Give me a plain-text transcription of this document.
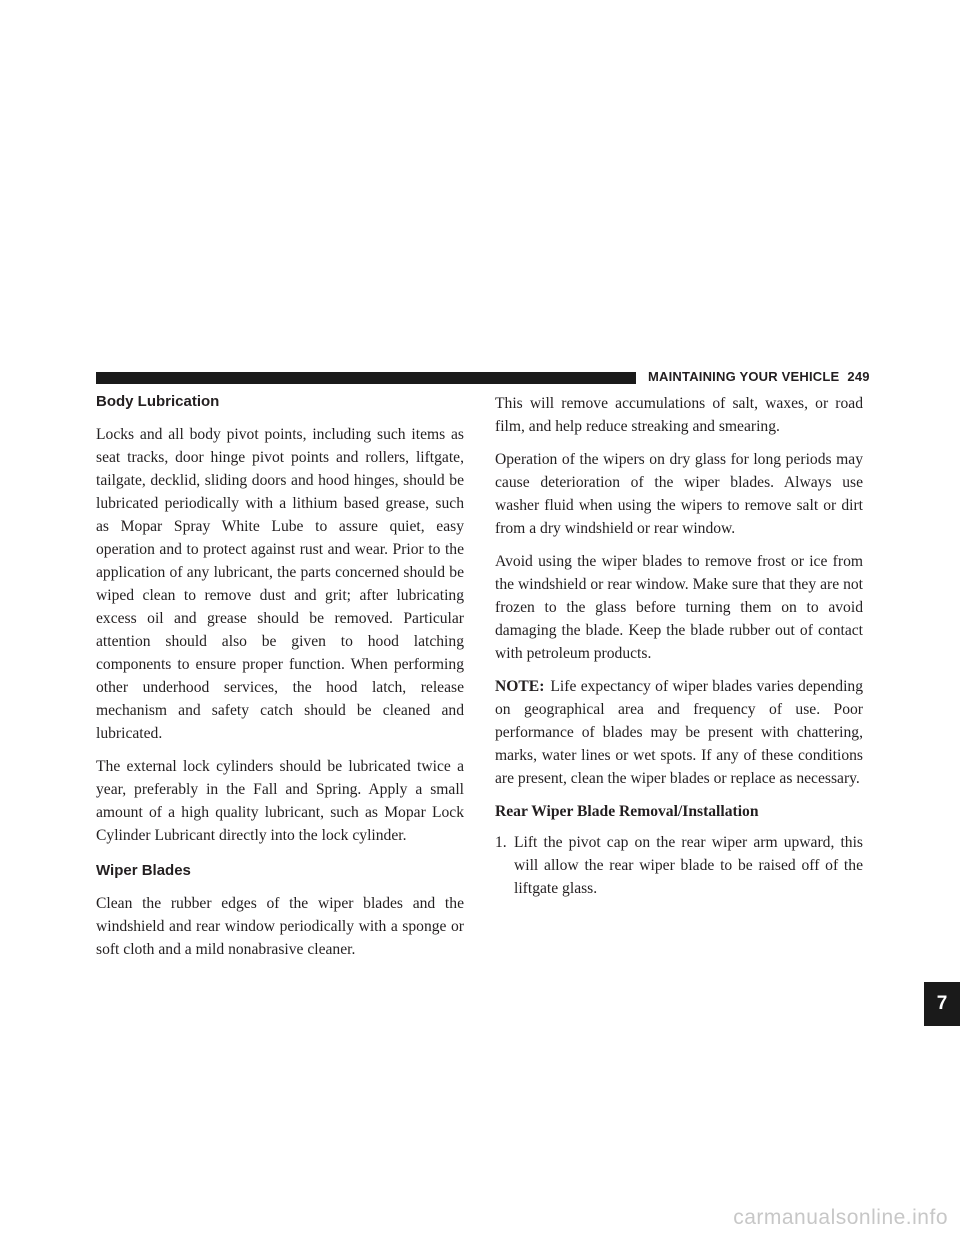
MAINTAINING YOUR VEHICLE 249
Body Lubrication

Locks and all body pivot points, including such items as seat tracks, door hinge pivot points and rollers, liftgate, tailgate, decklid, sliding doors and hood hinges, should be lubricated periodically with a lithium based grease, such as Mopar Spray White Lube to assure quiet, easy operation and to protect against rust and wear. Prior to the application of any lubricant, the parts concerned should be wiped clean to remove dust and grit; after lubricating excess oil and grease should be removed. Particular attention should also be given to hood latching components to ensure proper function. When performing other underhood services, the hood latch, release mechanism and safety catch should be cleaned and lubricated.

The external lock cylinders should be lubricated twice a year, preferably in the Fall and Spring. Apply a small amount of a high quality lubricant, such as Mopar Lock Cylinder Lubricant directly into the lock cylinder.

Wiper Blades

Clean the rubber edges of the wiper blades and the windshield and rear window periodically with a sponge or soft cloth and a mild nonabrasive cleaner.

This will remove accumulations of salt, waxes, or road film, and help reduce streaking and smearing.

Operation of the wipers on dry glass for long periods may cause deterioration of the wiper blades. Always use washer fluid when using the wipers to remove salt or dirt from a dry windshield or rear window.

Avoid using the wiper blades to remove frost or ice from the windshield or rear window. Make sure that they are not frozen to the glass before turning them on to avoid damaging the blade. Keep the blade rubber out of contact with petroleum products.

NOTE: Life expectancy of wiper blades varies depending on geographical area and frequency of use. Poor performance of blades may be present with chattering, marks, water lines or wet spots. If any of these conditions are present, clean the wiper blades or replace as necessary.

Rear Wiper Blade Removal/Installation
1. Lift the pivot cap on the rear wiper arm upward, this will allow the rear wiper blade to be raised off of the liftgate glass.
7
carmanualsonline.info
